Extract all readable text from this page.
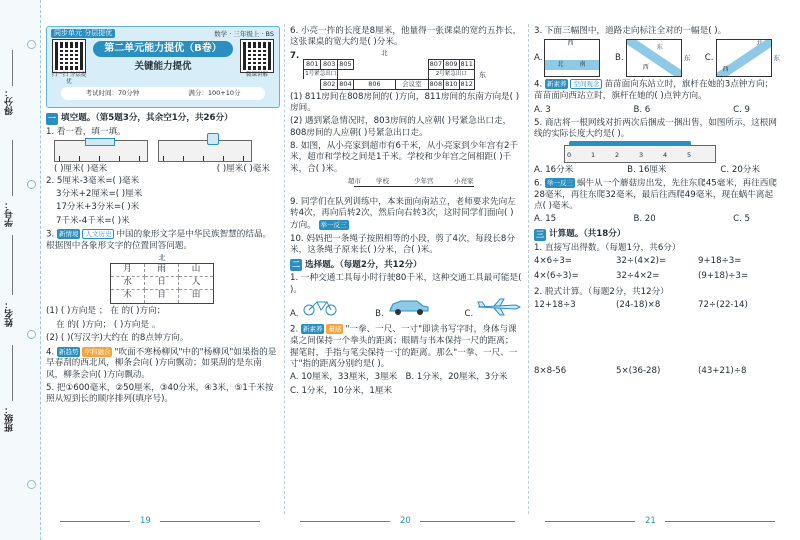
得分：
学号：
姓名：
班级：
同步单元 分层提优	数学 · 三年级上 · BS
扫一扫 分层提优
微课讲解
第二单元能力提优（B卷）
关键能力提优
考试时间：70分钟	满分：100+10分
一 填空题。（第5题3分，其余空1分，共26分）
1. 看一看，填一填。
( )厘米( )毫米	( )厘米( )毫米
2. 5厘米-3毫米=( )毫米
3分米+2厘米=( )厘米
17分米+3分米=( )米
7千米-4千米=( )米
3. 新情境 人文历史 中国的象形文字是中华民族智慧的结晶。根据图中各象形文字的位置回答问题。
北
月	雨	山
水	日	人
木	目	田
(1) ( )方向是 ； 在 的( )方向；
在 的( )方向； ( )方向是 。
(2) ( )(写汉字)大约在 的8点钟方向。
4. 新趋势 学科融合 "吹面不寒杨柳风"中的"杨柳风"如果指的是早春刮的西北风，柳条会向( )方向飘动；如果刮的是东南风，柳条会向( )方向飘动。
5. 把①600毫米，②50厘米，③40分米，④3米，⑤1千米按照从短到长的顺序排列(填序号)。
6. 小亮一拃的长度是8厘米，他量得一张课桌的宽约五拃长，这张课桌的宽大约是( )分米。
7.	北
801	803	805			807	809	811
1号紧急出口					2号紧急出口		
	802	804	806	会议室	808	810	812
东
(1) 811房间在808房间的( )方向，811房间的东南方向是( )房间。
(2) 遇到紧急情况时，803房间的人应朝( )号紧急出口走，808房间的人应朝( )号紧急出口走。
8. 如图，从小亮家到超市有6千米，从小亮家到少年宫有2千米，超市和学校之间是1千米。学校和少年宫之间相距( )千米，合( )米。
超市 学校	少年宫	小亮家
9. 同学们在队列训练中，本来面向南站立，老师要求先向左转4次，再向后转2次，然后向右转3次，这时同学们面向( )方向。 举一反三
10. 妈妈把一条绳子按照相等的小段，剪了4次，每段长8分米，这条绳子原来长( )分米，合( )米。
二 选择题。（每题2分，共12分）
1. 一种交通工具每小时行驶80千米，这种交通工具最可能是( )。
A.	B.	C.
2. 新素养 量感 "一拳、一尺、一寸"即读书写字时，身体与课桌之间保持一个拳头的距离；眼睛与书本保持一尺的距离；握笔时，手指与笔尖保持一寸的距离。那么"一拳、一尺、一寸"指的距离分别约是( )。
A. 10厘米，33厘米，3厘米 B. 1分米，20厘米，3分米
C. 1分米，10分米，1厘米
3. 下面三幅图中，道路走向标注全对的一幅是( )。
A.
西
北	南
B.
东
西
东 C.
西
东
4. 新素养 空间观念 苗苗面向东站立时，旗杆在她的3点钟方向；苗苗面向西站立时，旗杆在她的( )点钟方向。
A. 3	B. 6	C. 9
5. 商店将一根网线对折两次后捆成一捆出售，如图所示，这根网线的实际长度大约是( )。
0	1	2	3	4	5
A. 16分米	B. 16厘米	C. 20分米
6. 举一反三 蜗牛从一个蘑菇房出发，先往东爬45毫米，再往西爬28毫米，再往东爬32毫米，最后往西爬49毫米，现在蜗牛离起点( )毫米。
A. 15	B. 20	C. 5
三 计算题。（共18分）
1. 直接写出得数。（每题1分，共6分）
4×6÷3=	32÷(4×2)=	9+18÷3=
4×(6÷3)=	32÷4×2=	(9+18)÷3=
2. 脱式计算。（每题2分，共12分）
12+18÷3	(24-18)×8	72÷(22-14)
8×8-56	5×(36-28)	(43+21)÷8
19	20	21
